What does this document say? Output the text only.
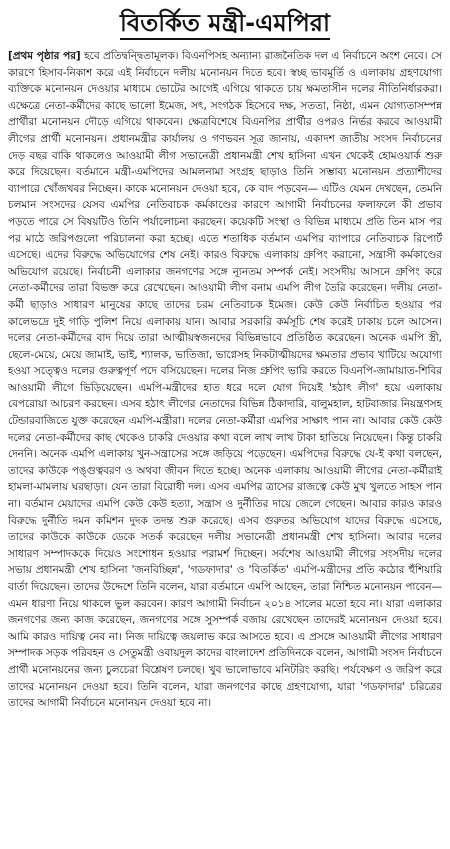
বিতর্কিত মন্ত্রী-এমপিরা
[প্রথম পৃষ্ঠার পর] হবে প্রতিদ্বন্দ্বিতামূলক। বিএনপিসহ অন্যান্য রাজনৈতিক দল এ নির্বাচনে অংশ নেবে। সে কারণে হিসাব-নিকাশ করে এই নির্বাচনে দলীয় মনোনয়ন দিতে হবে। স্বচ্ছ ভাবমূর্তি ও এলাকায় গ্রহণযোগ্য ব্যক্তিকে মনোনয়ন দেওয়ার মাধ্যমে ভোটের আগেই এগিয়ে থাকতে চায় ক্ষমতাসীন দলের নীতিনির্ধারকরা। এক্ষেত্রে নেতা-কর্মীদের কাছে ভালো ইমেজ, সৎ, সংগঠক হিসেবে দক্ষ, সততা, নিষ্ঠা, এমন যোগ্যতাসম্পন্ন প্রার্থীরা মনোনয়ন দৌড়ে এগিয়ে থাকবেন। ক্ষেত্রবিশেষে বিএনপির প্রার্থীর ওপরও নির্ভর করবে আওয়ামী লীগের প্রার্থী মনোনয়ন। প্রধানমন্ত্রীর কার্যালয় ও গণভবন সূত্র জানায়, একাদশ জাতীয় সংসদ নির্বাচনের দেড় বছর বাকি থাকলেও আওয়ামী লীগ সভানেত্রী প্রধানমন্ত্রী শেখ হাসিনা এখন থেকেই হোমওয়ার্ক শুরু করে দিয়েছেন। বর্তমানে মন্ত্রী-এমপিদের আমলনামা সংগ্রহ ছাড়াও তিনি সম্ভাব্য মনোনয়ন প্রত্যাশীদের ব্যাপারে খোঁজখবর নিচ্ছেন। কাকে মনোনয়ন দেওয়া হবে, কে বাদ পড়বেন— এটিও যেমন দেখছেন, তেমনি চলমান সংসদের যেসব এমপির নেতিবাচক কর্মকাণ্ডের কারণে আগামী নির্বাচনের ফলাফলে কী প্রভাব পড়তে পারে সে বিষয়টিও তিনি পর্যালোচনা করছেন। কয়েকটি সংস্থা ও বিভিন্ন মাধ্যমে প্রতি তিন মাস পর পর মাঠে জরিপগুলো পরিচালনা করা হচ্ছে। এতে শতাধিক বর্তমান এমপির ব্যাপারে নেতিবাচক রিপোর্ট এসেছে। এদের বিরুদ্ধে অভিযোগের শেষ নেই। কারও বিরুদ্ধে এলাকায় গ্রুপিং করানো, সন্ত্রাসী কর্মকাণ্ডের অভিযোগ রয়েছে। নির্বাচনী এলাকার জনগণের সঙ্গে ন্যূনতম সম্পর্ক নেই। সংসদীয় আসনে গ্রুপিং করে নেতা-কর্মীদের তারা বিভক্ত করে রেখেছেন। আওয়ামী লীগ বনাম এমপি লীগ তৈরি করেছেন। দলীয় নেতা-কর্মী ছাড়াও সাধারণ মানুষের কাছে তাদের চরম নেতিবাচক ইমেজ। কেউ কেউ নির্বাচিত হওয়ার পর কালেভদ্রে দুই গাড়ি পুলিশ নিয়ে এলাকায় যান। আবার সরকারি কর্মসূচি শেষ করেই ঢাকায় চলে আসেন। দলের নেতা-কর্মীদের বাদ দিয়ে তারা আত্মীয়স্বজনদের বিভিন্নভাবে প্রতিষ্ঠিত করেছেন। অনেক এমপি স্ত্রী, ছেলে-মেয়ে, মেয়ে জামাই, ভাই, শ্যালক, ভাতিজা, ভাগ্নেসহ নিকটাত্মীয়দের ক্ষমতার প্রভাব খাটিয়ে অযোগ্য হওয়া সত্ত্বেও দলের গুরুত্বপূর্ণ পদে বসিয়েছেন। দলের নিজ গ্রুপিং ভারি করতে বিএনপি-জামায়াত-শিবির আওয়ামী লীগে ভিড়িয়েছেন। এমপি-মন্ত্রীদের হাত ধরে দলে যোগ দিয়েই 'হঠাৎ লীগ' হয়ে এলাকায় বেপরোয়া আচরণ করছেন। এসব হঠাৎ লীগের নেতাদের বিভিন্ন ঠিকাদারি, বালুমহাল, হাটবাজার নিয়ন্ত্রণসহ টেন্ডারবাজিতে যুক্ত করেছেন এমপি-মন্ত্রীরা। দলের নেতা-কর্মীরা এমপির সাক্ষাৎ পান না। আবার কেউ কেউ দলের নেতা-কর্মীদের কাছ থেকেও চাকরি দেওয়ার কথা বলে লাখ লাখ টাকা হাতিয়ে নিয়েছেন। কিন্তু চাকরি দেননি। অনেক এমপি এলাকায় খুন-সন্ত্রাসের সঙ্গে জড়িয়ে পড়েছেন। এমপিদের বিরুদ্ধে যে-ই কথা বলছেন, তাদের কাউকে পঙ্গুত্ববরণ ও অথবা জীবন দিতে হচ্ছে। অনেক এলাকায় আওয়ামী লীগের নেতা-কর্মীরাই হামলা-মামলায় ঘরছাড়া। যেন তারা বিরোধী দল। এসব এমপির ত্রাসের রাজত্বে কেউ মুখ খুলতে সাহস পান না। বর্তমান মেয়াদের এমপি কেউ কেউ হত্যা, সন্ত্রাস ও দুর্নীতির দায়ে জেলে গেছেন। আবার কারও কারও বিরুদ্ধে দুর্নীতি দমন কমিশন দুদক তদন্ত শুরু করেছে। এসব গুরুতর অভিযোগ যাদের বিরুদ্ধে এসেছে, তাদের কাউকে কাউকে ডেকে সতর্ক করেছেন দলীয় সভানেত্রী প্রধানমন্ত্রী শেখ হাসিনা। আবার দলের সাধারণ সম্পাদককে দিয়েও সংশোধন হওয়ার পরামর্শ দিচ্ছেন। সর্বশেষ আওয়ামী লীগের সংসদীয় দলের সভায় প্রধানমন্ত্রী শেখ হাসিনা 'জনবিচ্ছিন্ন', 'গডফাদার' ও 'বিতর্কিত' এমপি-মন্ত্রীদের প্রতি কঠোর হুঁশিয়ারি বার্তা দিয়েছেন। তাদের উদ্দেশে তিনি বলেন, যারা বর্তমানে এমপি আছেন, তারা নিশ্চিত মনোনয়ন পাবেন— এমন ধারণা নিয়ে থাকলে ভুল করবেন। কারণ আগামী নির্বাচন ২০১৪ সালের মতো হবে না। যারা এলাকার জনগণের জন্য কাজ করেছেন, জনগণের সঙ্গে সুসম্পর্ক বজায় রেখেছেন তাদেরই মনোনয়ন দেওয়া হবে। আমি কারও দায়িত্ব নেব না। নিজ দায়িত্বে জয়লাভ করে আসতে হবে। এ প্রসঙ্গে আওয়ামী লীগের সাধারণ সম্পাদক সড়ক পরিবহন ও সেতুমন্ত্রী ওবায়দুল কাদের বাংলাদেশ প্রতিদিনকে বলেন, আগামী সংসদ নির্বাচনে প্রার্থী মনোনয়নের জন্য চুলচেরা বিশ্লেষণ চলছে। খুব ভালোভাবে মনিটরিং করছি। পর্যবেক্ষণ ও জরিপ করে তাদের মনোনয়ন দেওয়া হবে। তিনি বলেন, যারা জনগণের কাছে গ্রহণযোগ্য, যারা 'গডফাদার' চরিত্রের তাদের আগামী নির্বাচনে মনোনয়ন দেওয়া হবে না।
